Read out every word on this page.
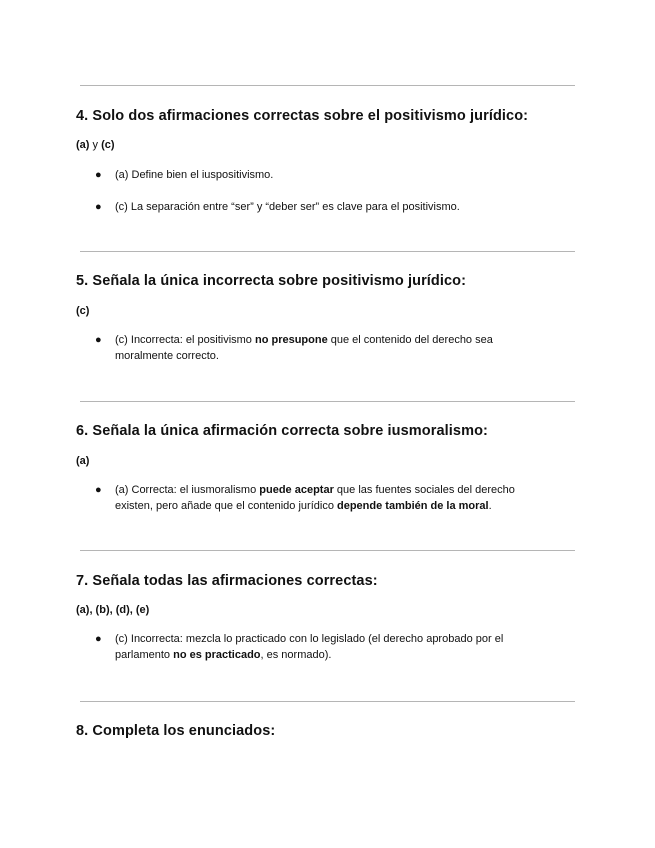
4. Solo dos afirmaciones correctas sobre el positivismo jurídico:

(a) y (c)

● (a) Define bien el iuspositivismo.
● (c) La separación entre “ser” y “deber ser” es clave para el positivismo.
5. Señala la única incorrecta sobre positivismo jurídico:

(c)

● (c) Incorrecta: el positivismo no presupone que el contenido del derecho sea moralmente correcto.
6. Señala la única afirmación correcta sobre iusmoralismo:

(a)

● (a) Correcta: el iusmoralismo puede aceptar que las fuentes sociales del derecho existen, pero añade que el contenido jurídico depende también de la moral.
7. Señala todas las afirmaciones correctas:

(a), (b), (d), (e)

● (c) Incorrecta: mezcla lo practicado con lo legislado (el derecho aprobado por el parlamento no es practicado, es normado).
8. Completa los enunciados:
